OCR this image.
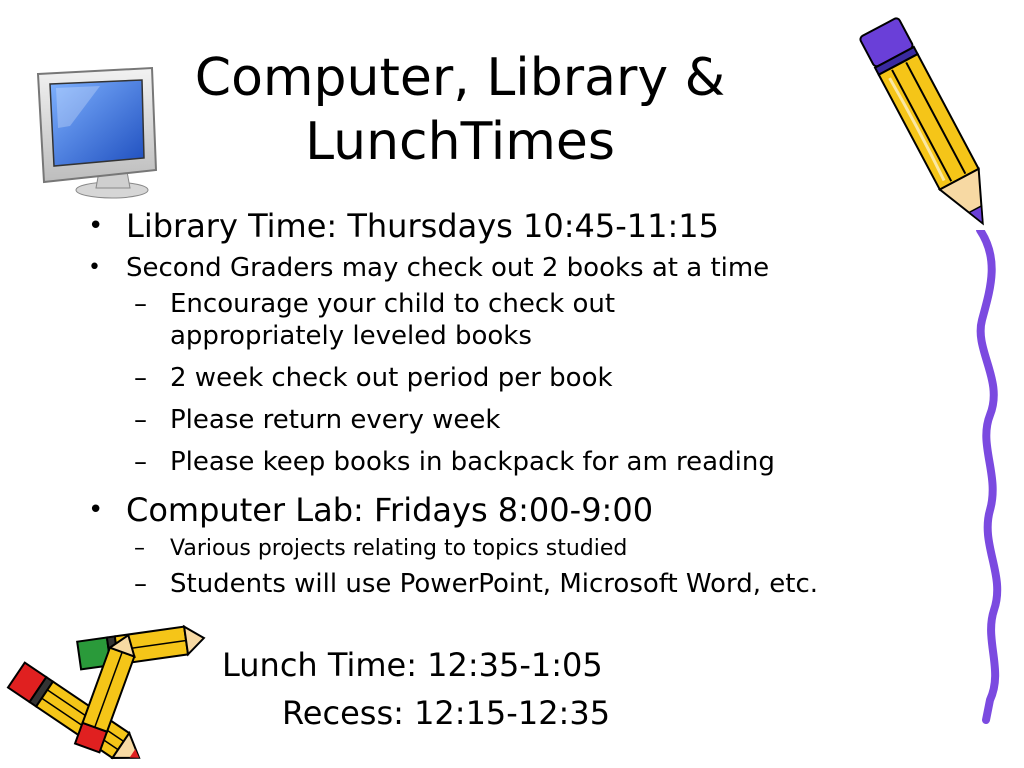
Computer, Library &
LunchTimes
• Library Time: Thursdays 10:45-11:15
• Second Graders may check out 2 books at a time
– Encourage your child to check out appropriately leveled books
– 2 week check out period per book
– Please return every week
– Please keep books in backpack for am reading
• Computer Lab: Fridays 8:00-9:00
– Various projects relating to topics studied
– Students will use PowerPoint, Microsoft Word, etc.
Lunch Time: 12:35-1:05
Recess: 12:15-12:35
